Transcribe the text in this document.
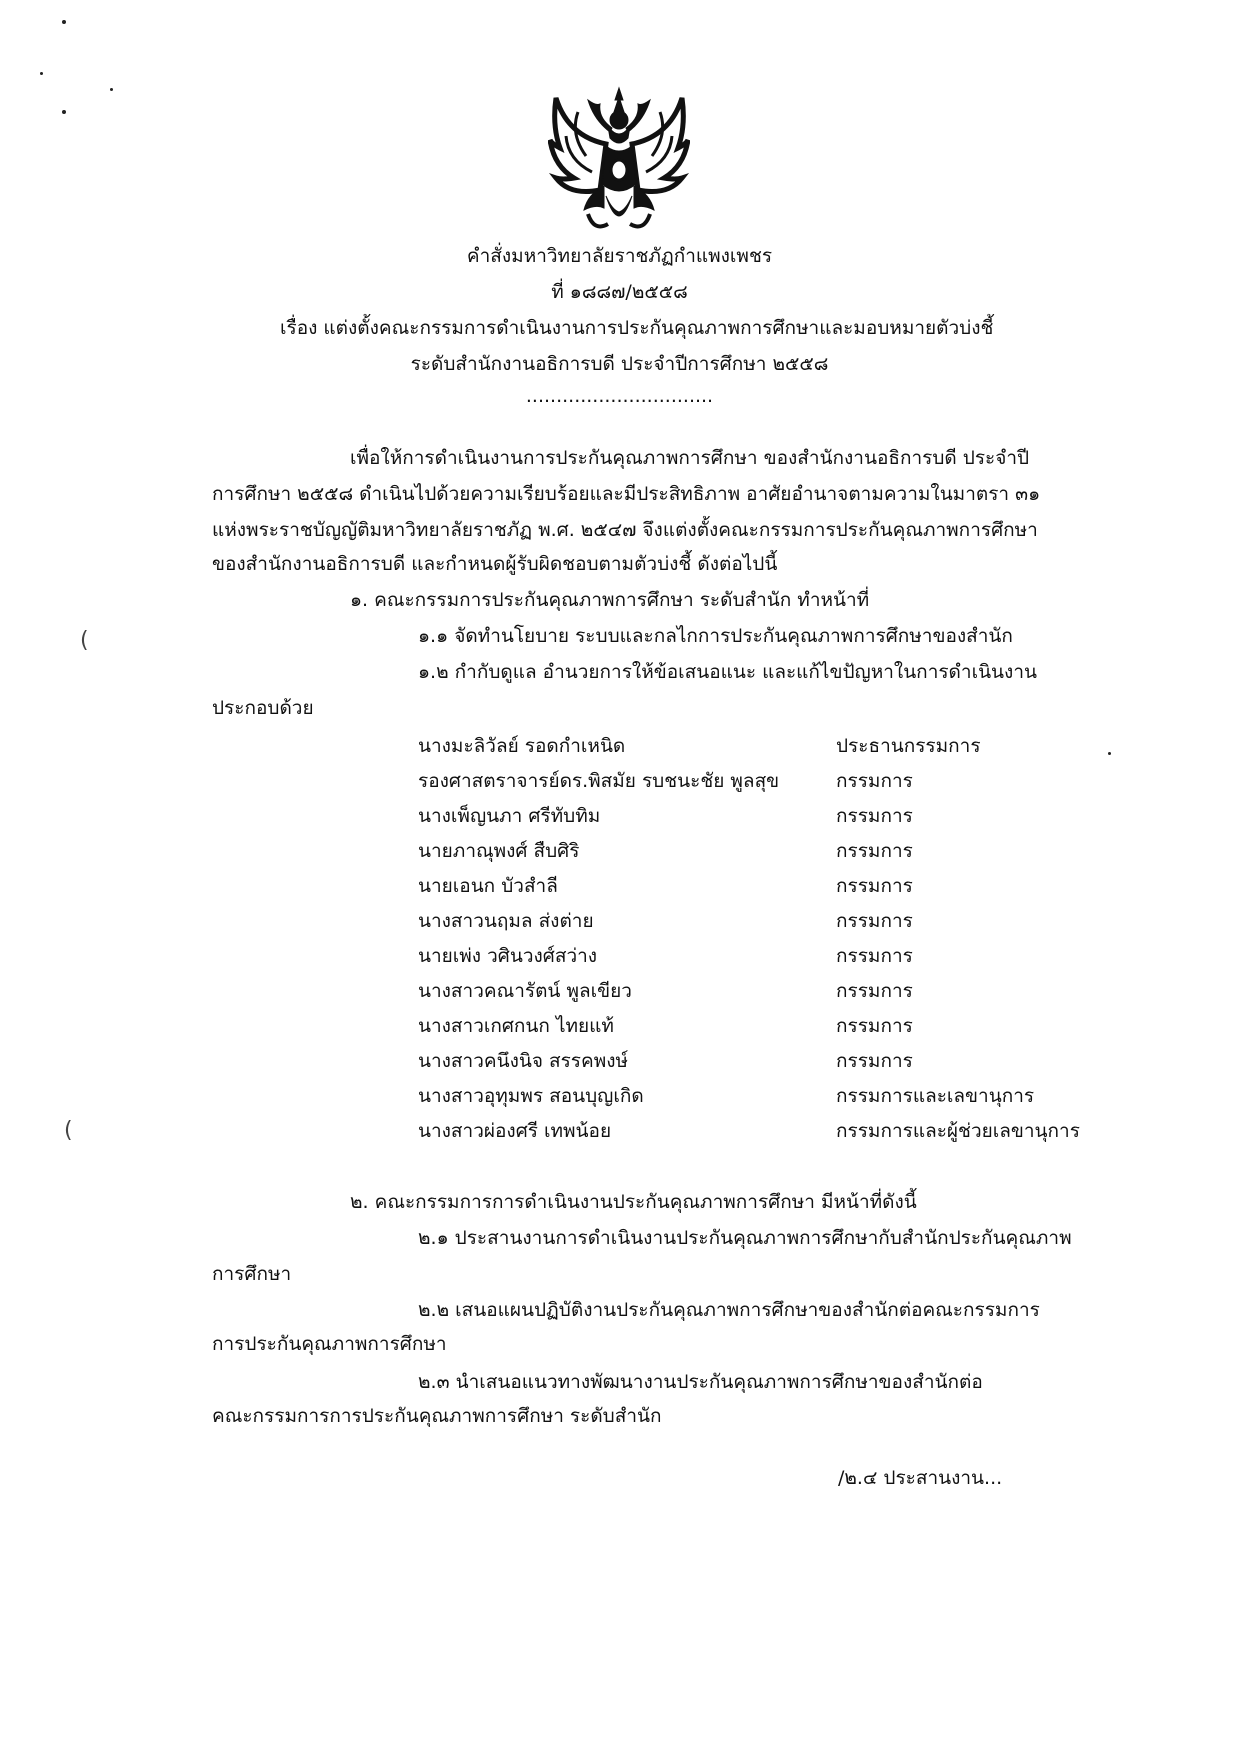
(
(
คำสั่งมหาวิทยาลัยราชภัฏกำแพงเพชร
ที่ ๑๘๘๗/๒๕๕๘
เรื่อง แต่งตั้งคณะกรรมการดำเนินงานการประกันคุณภาพการศึกษาและมอบหมายตัวบ่งชี้
ระดับสำนักงานอธิการบดี ประจำปีการศึกษา ๒๕๕๘
...............................
เพื่อให้การดำเนินงานการประกันคุณภาพการศึกษา ของสำนักงานอธิการบดี ประจำปี
การศึกษา ๒๕๕๘ ดำเนินไปด้วยความเรียบร้อยและมีประสิทธิภาพ อาศัยอำนาจตามความในมาตรา ๓๑
แห่งพระราชบัญญัติมหาวิทยาลัยราชภัฏ พ.ศ. ๒๕๔๗ จึงแต่งตั้งคณะกรรมการประกันคุณภาพการศึกษา
ของสำนักงานอธิการบดี และกำหนดผู้รับผิดชอบตามตัวบ่งชี้ ดังต่อไปนี้
๑. คณะกรรมการประกันคุณภาพการศึกษา ระดับสำนัก ทำหน้าที่
๑.๑ จัดทำนโยบาย ระบบและกลไกการประกันคุณภาพการศึกษาของสำนัก
๑.๒ กำกับดูแล อำนวยการให้ข้อเสนอแนะ และแก้ไขปัญหาในการดำเนินงาน
ประกอบด้วย
นางมะลิวัลย์ รอดกำเหนิด	ประธานกรรมการ
รองศาสตราจารย์ดร.พิสมัย รบชนะชัย พูลสุข	กรรมการ
นางเพ็ญนภา ศรีทับทิม	กรรมการ
นายภาณุพงศ์ สืบศิริ	กรรมการ
นายเอนก บัวสำลี	กรรมการ
นางสาวนฤมล ส่งต่าย	กรรมการ
นายเพ่ง วศินวงศ์สว่าง	กรรมการ
นางสาวคณารัตน์ พูลเขียว	กรรมการ
นางสาวเกศกนก ไทยแท้	กรรมการ
นางสาวคนึงนิจ สรรคพงษ์	กรรมการ
นางสาวอุทุมพร สอนบุญเกิด	กรรมการและเลขานุการ
นางสาวผ่องศรี เทพน้อย	กรรมการและผู้ช่วยเลขานุการ
๒. คณะกรรมการการดำเนินงานประกันคุณภาพการศึกษา มีหน้าที่ดังนี้
๒.๑ ประสานงานการดำเนินงานประกันคุณภาพการศึกษากับสำนักประกันคุณภาพ
การศึกษา
๒.๒ เสนอแผนปฏิบัติงานประกันคุณภาพการศึกษาของสำนักต่อคณะกรรมการ
การประกันคุณภาพการศึกษา
๒.๓ นำเสนอแนวทางพัฒนางานประกันคุณภาพการศึกษาของสำนักต่อ
คณะกรรมการการประกันคุณภาพการศึกษา ระดับสำนัก
/๒.๔ ประสานงาน...
